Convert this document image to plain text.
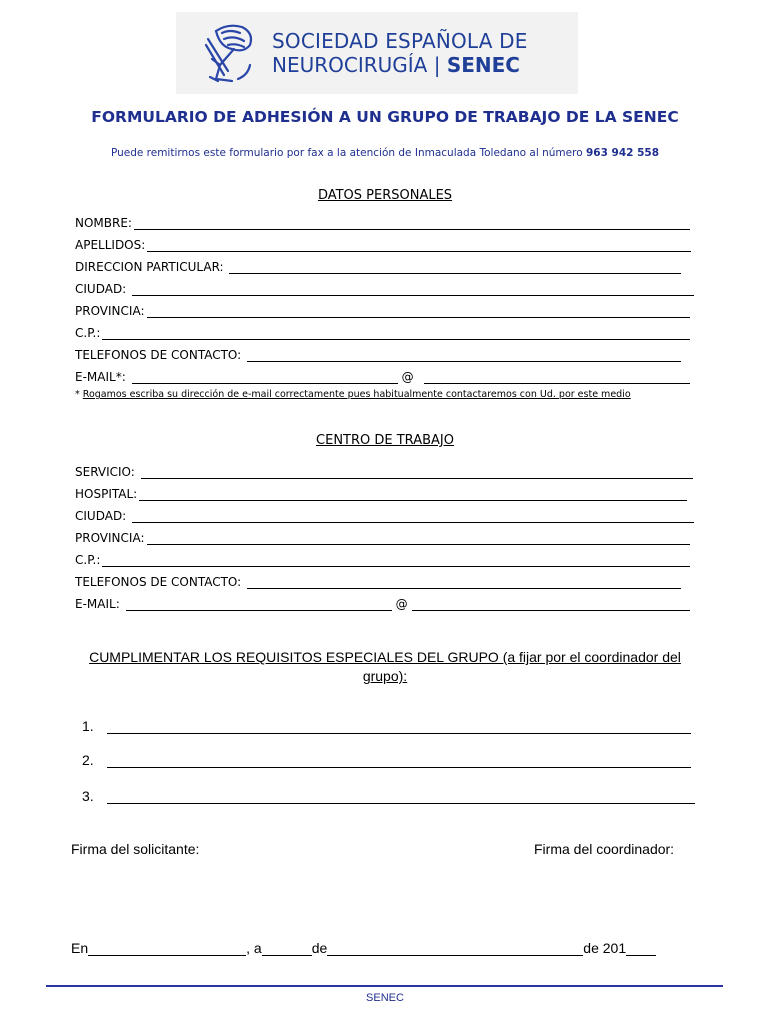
SOCIEDAD ESPAÑOLA DE
NEUROCIRUGÍA | SENEC
FORMULARIO DE ADHESIÓN A UN GRUPO DE TRABAJO DE LA SENEC
Puede remitirnos este formulario por fax a la atención de Inmaculada Toledano al número 963 942 558
DATOS PERSONALES
NOMBRE:
APELLIDOS:
DIRECCION PARTICULAR:
CIUDAD:
PROVINCIA:
C.P.:
TELEFONOS DE CONTACTO:
E-MAIL*:	@
* Rogamos escriba su dirección de e-mail correctamente pues habitualmente contactaremos con Ud. por este medio
CENTRO DE TRABAJO
SERVICIO:
HOSPITAL:
CIUDAD:
PROVINCIA:
C.P.:
TELEFONOS DE CONTACTO:
E-MAIL:	@
CUMPLIMENTAR LOS REQUISITOS ESPECIALES DEL GRUPO (a fijar por el coordinador del
grupo):
1.
2.
3.
Firma del solicitante:	Firma del coordinador:
En	, a	de	de 201
SENEC
